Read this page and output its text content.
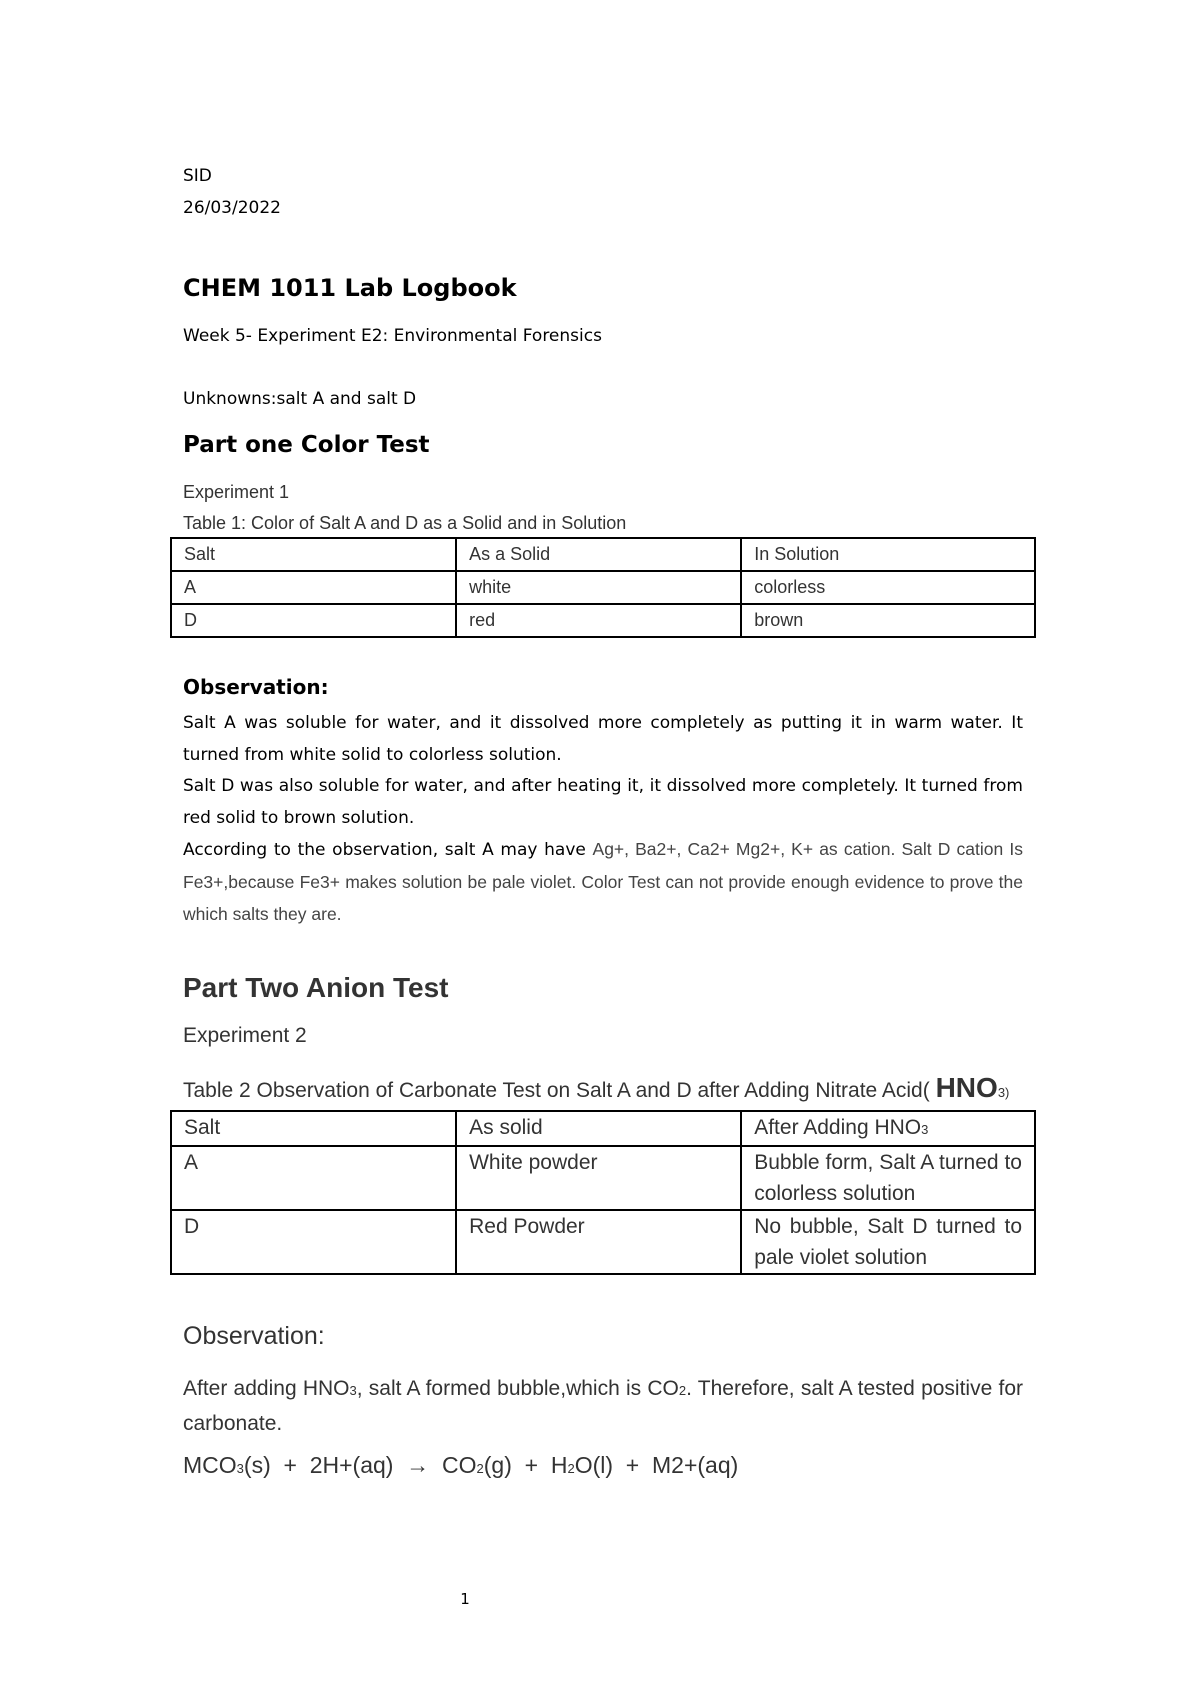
SID
26/03/2022
CHEM 1011 Lab Logbook
Week 5- Experiment E2: Environmental Forensics
Unknowns:salt A and salt D
Part one Color Test
Experiment 1
Table 1: Color of Salt A and D as a Solid and in Solution
Salt	As a Solid	In Solution
A	white	colorless
D	red	brown
Observation:

Salt A was soluble for water, and it dissolved more completely as putting it in warm water. It turned from white solid to colorless solution.

Salt D was also soluble for water, and after heating it, it dissolved more completely. It turned from red solid to brown solution.

According to the observation, salt A may have Ag+, Ba2+, Ca2+ Mg2+, K+ as cation. Salt D cation Is Fe3+,because Fe3+ makes solution be pale violet. Color Test can not provide enough evidence to prove the which salts they are.

Part Two Anion Test
Experiment 2
Table 2 Observation of Carbonate Test on Salt A and D after Adding Nitrate Acid( HNO3)
Salt	As solid	After Adding HNO3
A	White powder	Bubble form, Salt A turned to colorless solution
D	Red Powder	No bubble, Salt D turned to pale violet solution
Observation:
After adding HNO3, salt A formed bubble,which is CO2. Therefore, salt A tested positive for carbonate.
MCO3(s)  +  2H+(aq)  →  CO2(g)  +  H2O(l)  +  M2+(aq)
1
